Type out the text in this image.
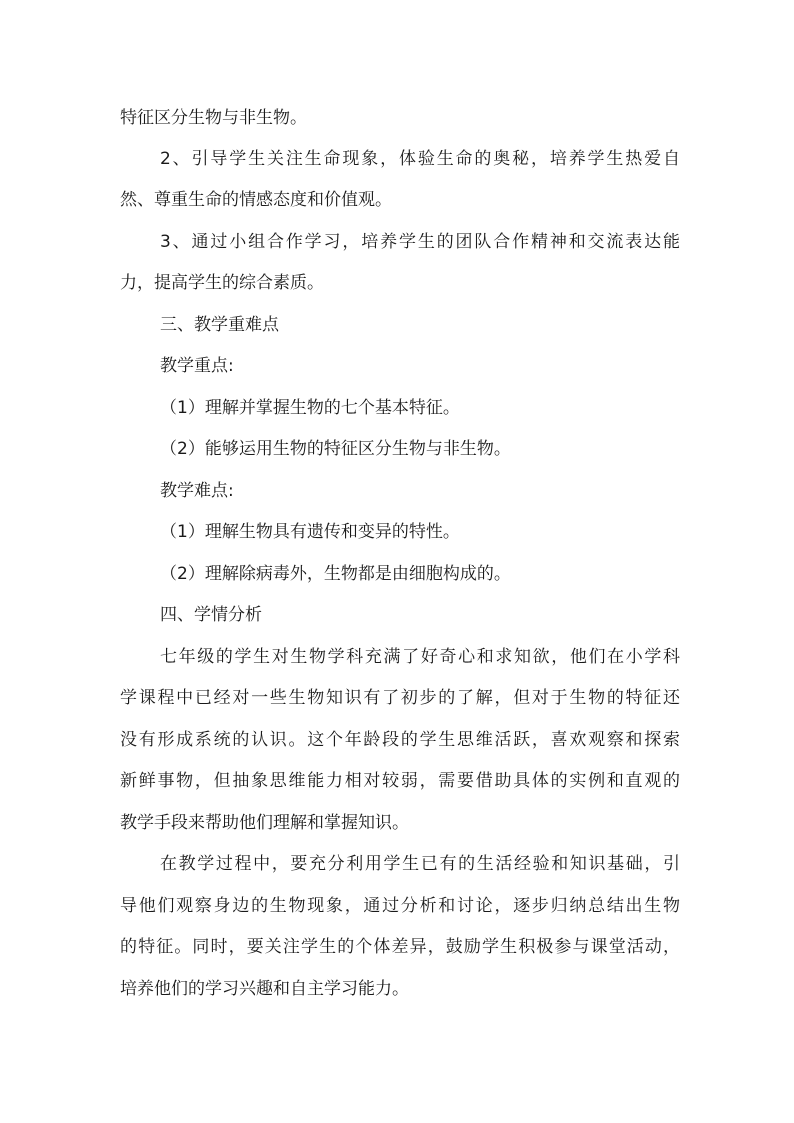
特征区分生物与非生物。
2、引导学生关注生命现象，体验生命的奥秘，培养学生热爱自
然、尊重生命的情感态度和价值观。
3、通过小组合作学习，培养学生的团队合作精神和交流表达能
力，提高学生的综合素质。
三、教学重难点
教学重点:
（1）理解并掌握生物的七个基本特征。
（2）能够运用生物的特征区分生物与非生物。
教学难点:
（1）理解生物具有遗传和变异的特性。
（2）理解除病毒外，生物都是由细胞构成的。
四、学情分析
七年级的学生对生物学科充满了好奇心和求知欲，他们在小学科
学课程中已经对一些生物知识有了初步的了解，但对于生物的特征还
没有形成系统的认识。这个年龄段的学生思维活跃，喜欢观察和探索
新鲜事物，但抽象思维能力相对较弱，需要借助具体的实例和直观的
教学手段来帮助他们理解和掌握知识。
在教学过程中，要充分利用学生已有的生活经验和知识基础，引
导他们观察身边的生物现象，通过分析和讨论，逐步归纳总结出生物
的特征。同时，要关注学生的个体差异，鼓励学生积极参与课堂活动，
培养他们的学习兴趣和自主学习能力。
